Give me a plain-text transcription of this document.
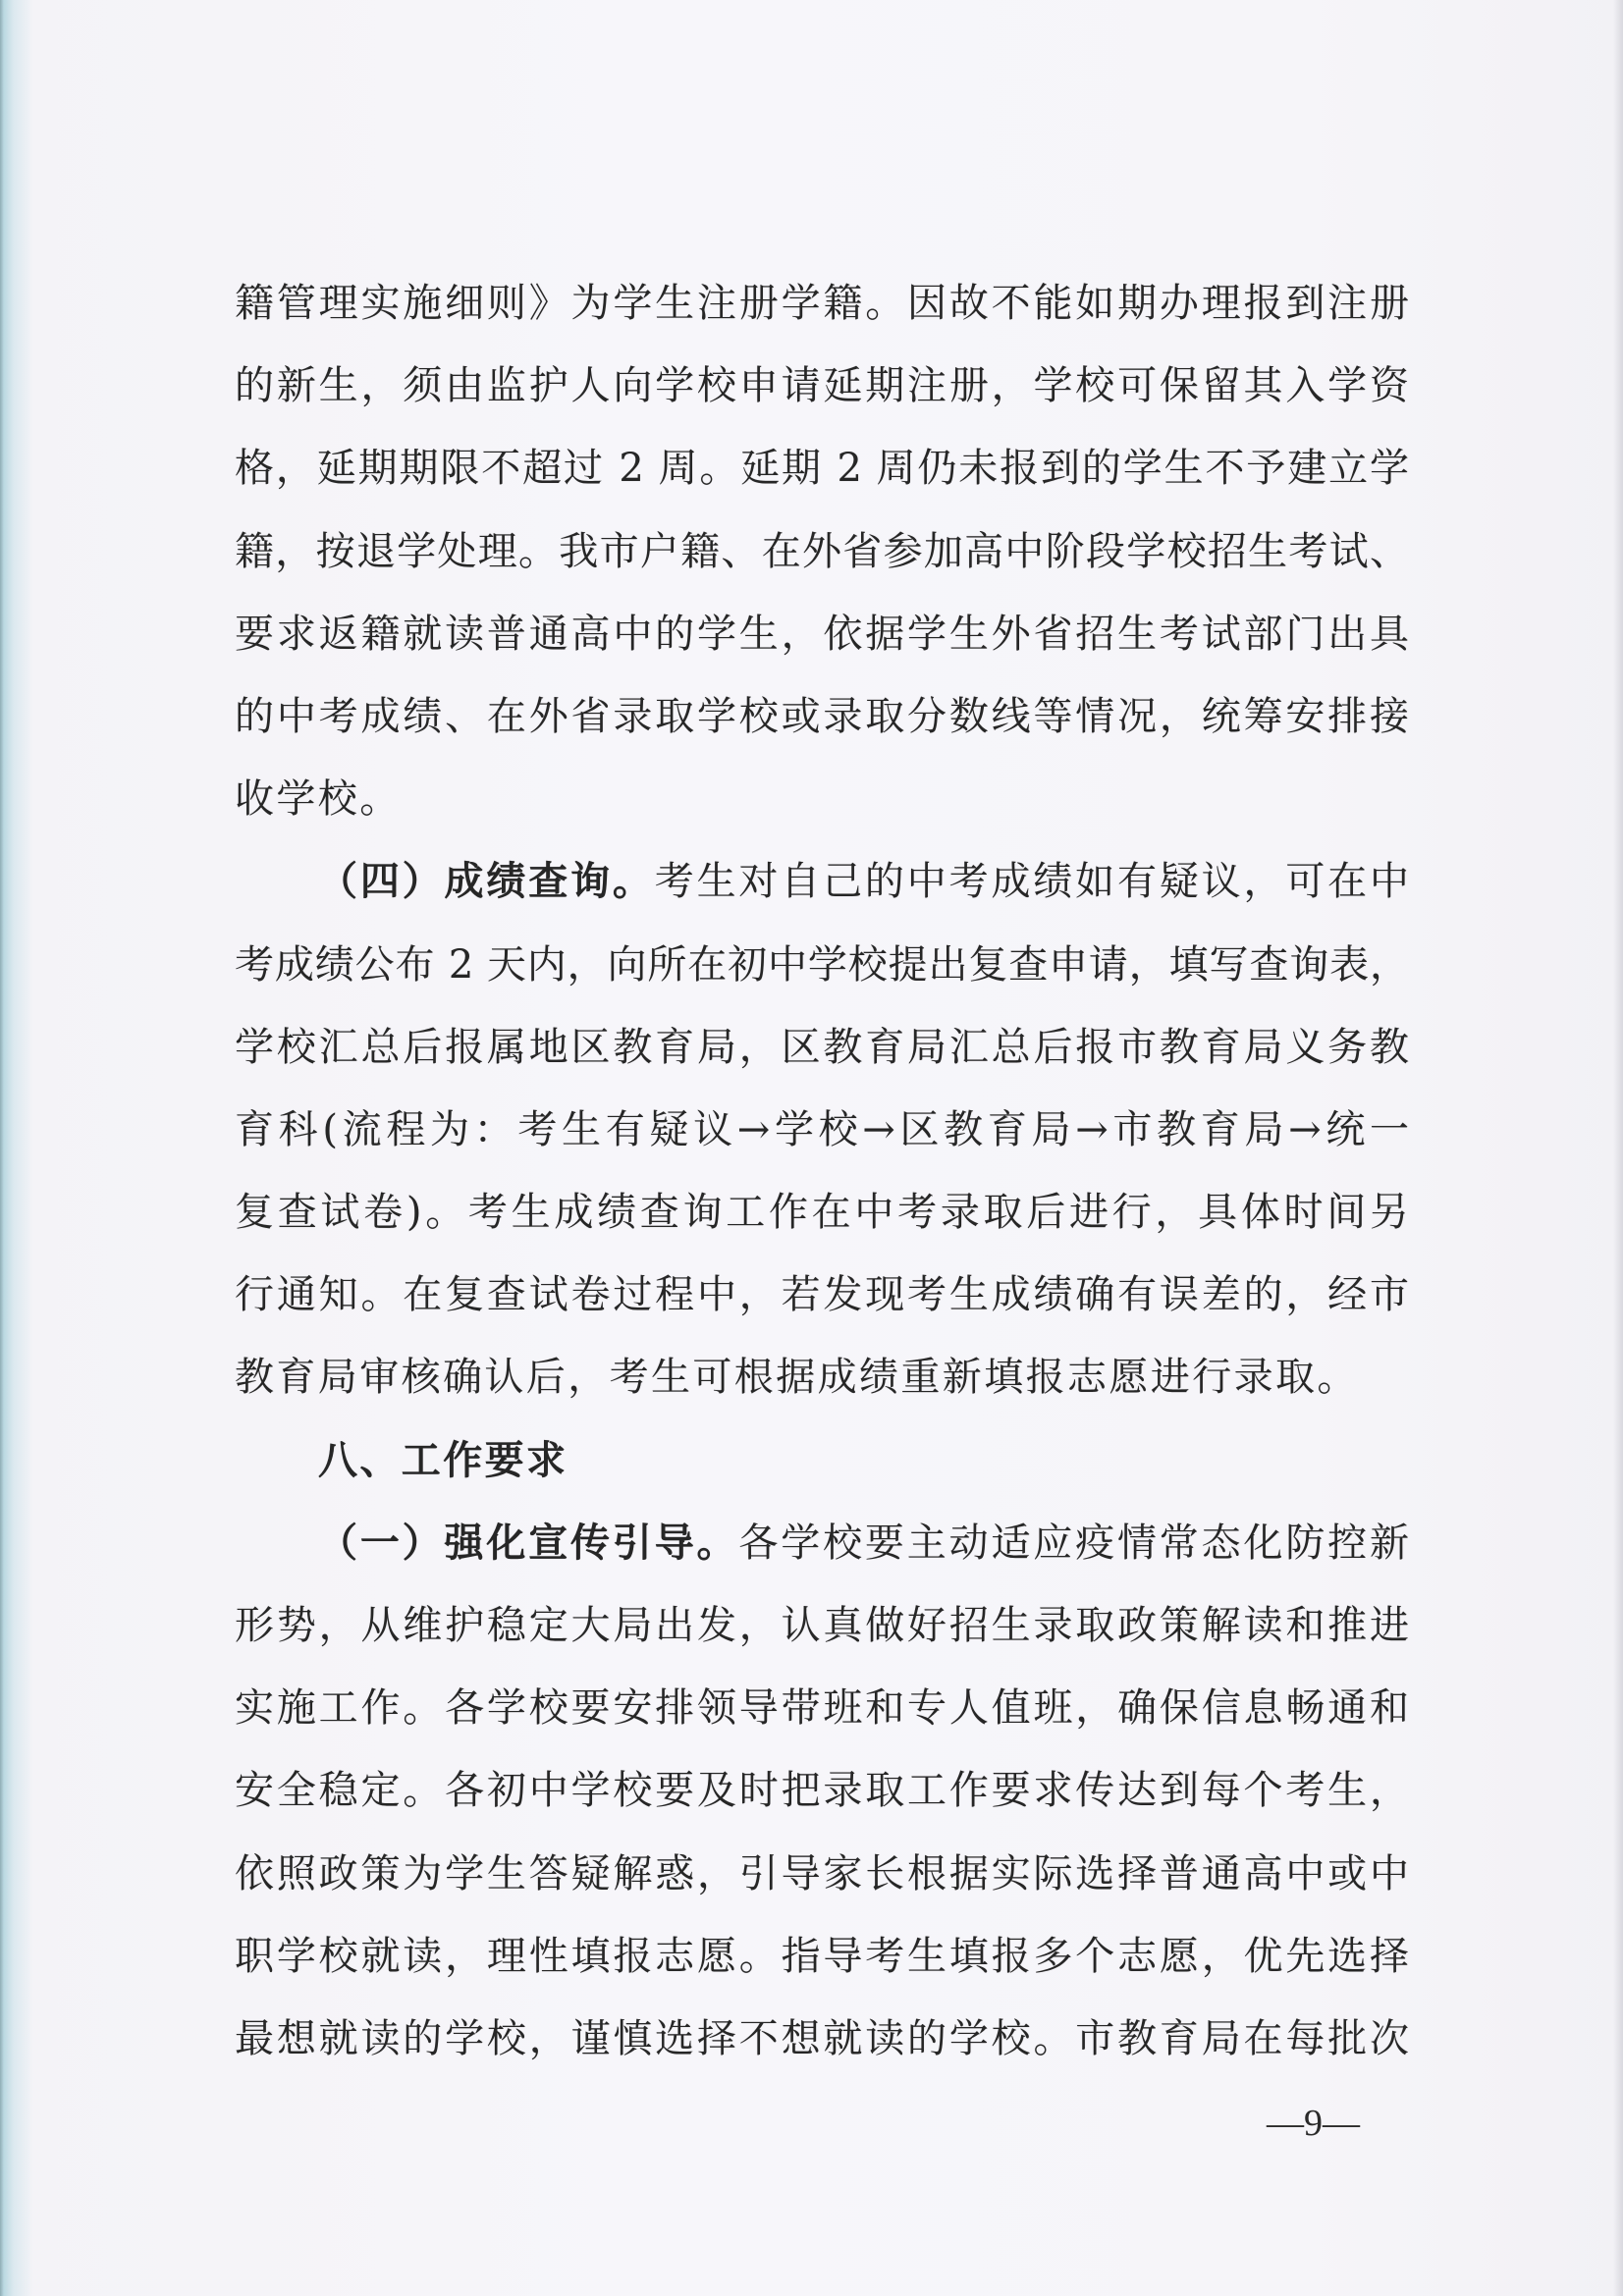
籍管理实施细则》为学生注册学籍。因故不能如期办理报到注册
的新生，须由监护人向学校申请延期注册，学校可保留其入学资
格，延期期限不超过 2 周。延期 2 周仍未报到的学生不予建立学
籍，按退学处理。我市户籍、在外省参加高中阶段学校招生考试、
要求返籍就读普通高中的学生，依据学生外省招生考试部门出具
的中考成绩、在外省录取学校或录取分数线等情况，统筹安排接
收学校。
（四）成绩查询。考生对自己的中考成绩如有疑议，可在中
考成绩公布 2 天内，向所在初中学校提出复查申请，填写查询表，
学校汇总后报属地区教育局，区教育局汇总后报市教育局义务教
育科(流程为：考生有疑议→学校→区教育局→市教育局→统一
复查试卷)。考生成绩查询工作在中考录取后进行，具体时间另
行通知。在复查试卷过程中，若发现考生成绩确有误差的，经市
教育局审核确认后，考生可根据成绩重新填报志愿进行录取。
八、工作要求
（一）强化宣传引导。各学校要主动适应疫情常态化防控新
形势，从维护稳定大局出发，认真做好招生录取政策解读和推进
实施工作。各学校要安排领导带班和专人值班，确保信息畅通和
安全稳定。各初中学校要及时把录取工作要求传达到每个考生，
依照政策为学生答疑解惑，引导家长根据实际选择普通高中或中
职学校就读，理性填报志愿。指导考生填报多个志愿，优先选择
最想就读的学校，谨慎选择不想就读的学校。市教育局在每批次
—9—
